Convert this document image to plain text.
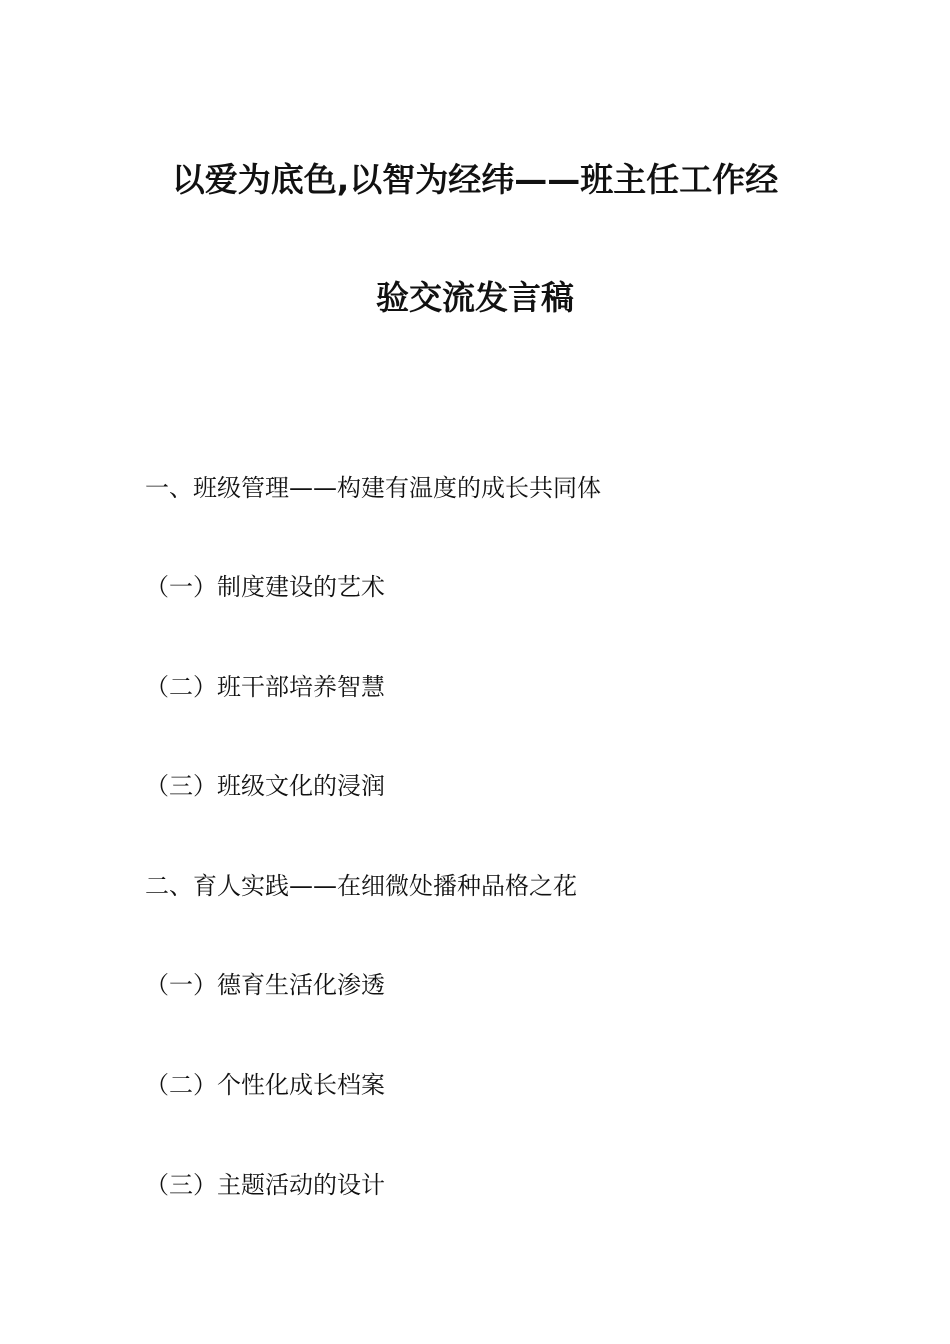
以爱为底色,以智为经纬——班主任工作经
验交流发言稿
一、班级管理——构建有温度的成长共同体
（一）制度建设的艺术
（二）班干部培养智慧
（三）班级文化的浸润
二、育人实践——在细微处播种品格之花
（一）德育生活化渗透
（二）个性化成长档案
（三）主题活动的设计
